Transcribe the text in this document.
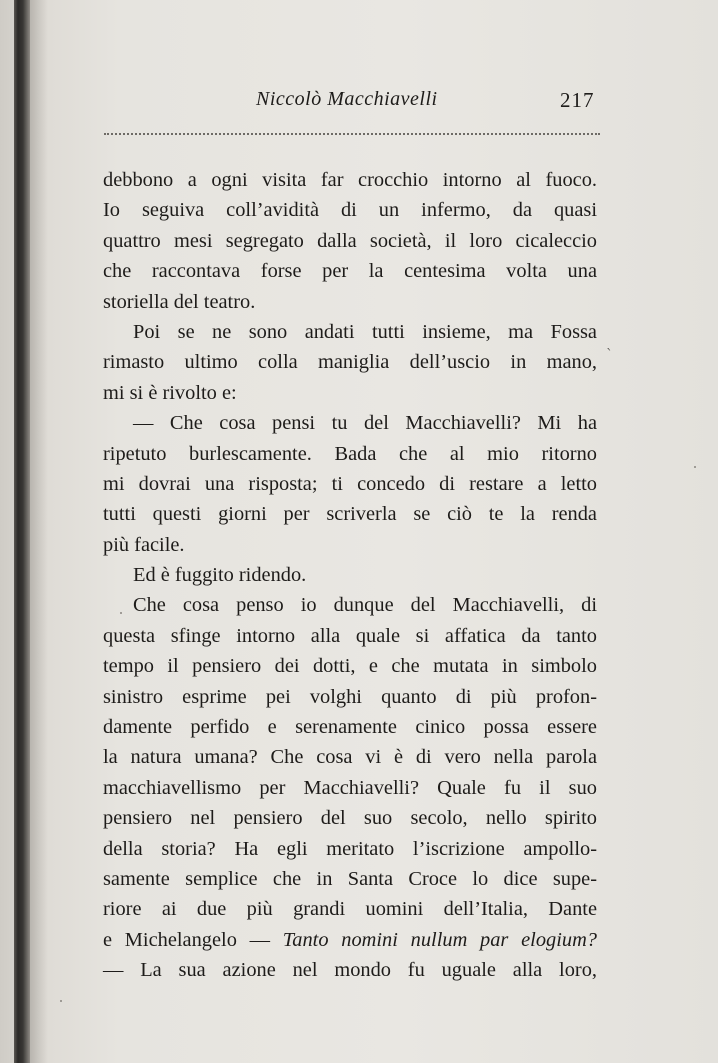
Niccolò Macchiavelli	217
debbono a ogni visita far crocchio intorno al fuoco.
Io seguiva coll’avidità di un infermo, da quasi
quattro mesi segregato dalla società, il loro cicaleccio
che raccontava forse per la centesima volta una
storiella del teatro.
Poi se ne sono andati tutti insieme, ma Fossa
rimasto ultimo colla maniglia dell’uscio in mano,
mi si è rivolto e:
— Che cosa pensi tu del Macchiavelli? Mi ha
ripetuto burlescamente. Bada che al mio ritorno
mi dovrai una risposta; ti concedo di restare a letto
tutti questi giorni per scriverla se ciò te la renda
più facile.
Ed è fuggito ridendo.
Che cosa penso io dunque del Macchiavelli, di
questa sfinge intorno alla quale si affatica da tanto
tempo il pensiero dei dotti, e che mutata in simbolo
sinistro esprime pei volghi quanto di più profon-
damente perfido e serenamente cinico possa essere
la natura umana? Che cosa vi è di vero nella parola
macchiavellismo per Macchiavelli? Quale fu il suo
pensiero nel pensiero del suo secolo, nello spirito
della storia? Ha egli meritato l’iscrizione ampollo-
samente semplice che in Santa Croce lo dice supe-
riore ai due più grandi uomini dell’Italia, Dante
e Michelangelo — Tanto nomini nullum par elogium?
— La sua azione nel mondo fu uguale alla loro,
ˋ
